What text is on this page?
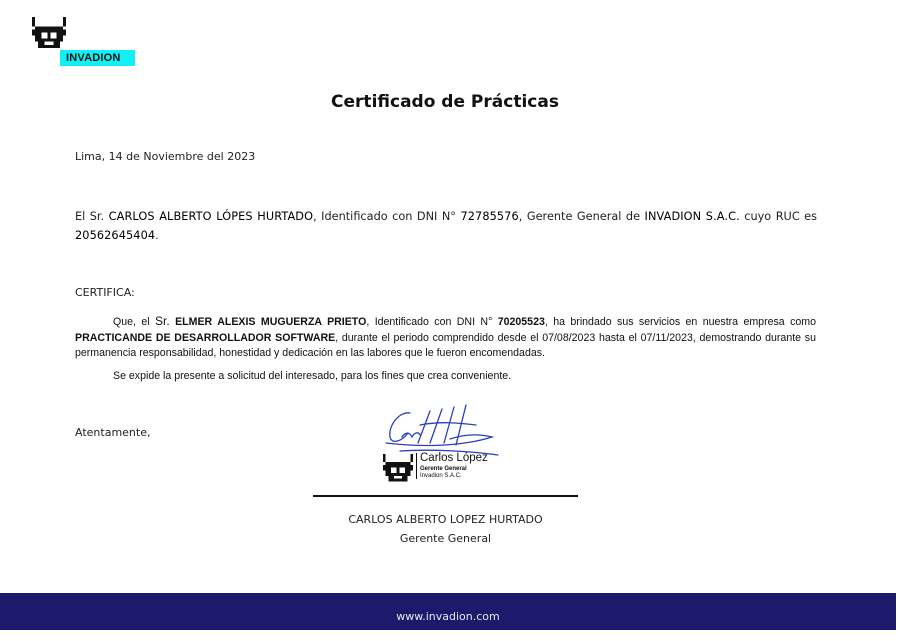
INVADION
Certificado de Prácticas
Lima, 14 de Noviembre del 2023
El Sr. CARLOS ALBERTO LÓPES HURTADO, Identificado con DNI N° 72785576, Gerente General de INVADION S.A.C. cuyo RUC es 20562645404.
CERTIFICA:
Que, el Sr. ELMER ALEXIS MUGUERZA PRIETO, Identificado con DNI N° 70205523, ha brindado sus servicios en nuestra empresa como PRACTICANDE DE DESARROLLADOR SOFTWARE, durante el periodo comprendido desde el 07/08/2023 hasta el 07/11/2023, demostrando durante su permanencia responsabilidad, honestidad y dedicación en las labores que le fueron encomendadas.
Se expide la presente a solicitud del interesado, para los fines que crea conveniente.
Atentamente,
Carlos López
Gerente General
Invadion S.A.C.
CARLOS ALBERTO LOPEZ HURTADO
Gerente General
www.invadion.com
